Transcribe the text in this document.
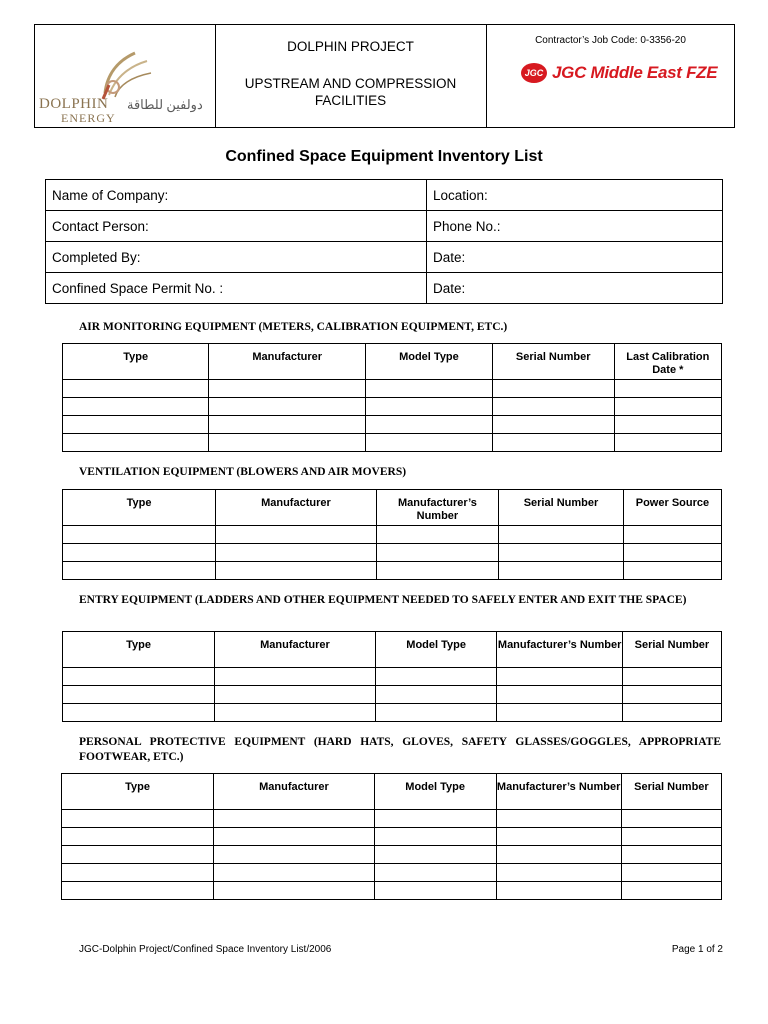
DOLPHIN
ENERGY
دولفين للطاقة
DOLPHIN PROJECT
UPSTREAM AND COMPRESSION
FACILITIES
Contractor’s Job Code: 0-3356-20
JGC JGC Middle East FZE
Confined Space Equipment Inventory List
Name of Company:	Location:
Contact Person:	Phone No.:
Completed By:	Date:
Confined Space Permit No. :	Date:
AIR MONITORING EQUIPMENT (METERS, CALIBRATION EQUIPMENT, ETC.)
Type	Manufacturer	Model Type	Serial Number	Last Calibration Date *

VENTILATION EQUIPMENT (BLOWERS AND AIR MOVERS)
Type	Manufacturer	Manufacturer’s Number	Serial Number	Power Source

ENTRY EQUIPMENT (LADDERS AND OTHER EQUIPMENT NEEDED TO SAFELY ENTER AND EXIT THE SPACE)
Type	Manufacturer	Model Type	Manufacturer’s Number	Serial Number

PERSONAL PROTECTIVE EQUIPMENT (HARD HATS, GLOVES, SAFETY GLASSES/GOGGLES, APPROPRIATE FOOTWEAR, ETC.)
Type	Manufacturer	Model Type	Manufacturer’s Number	Serial Number

JGC-Dolphin Project/Confined Space Inventory List/2006	Page 1 of 2
